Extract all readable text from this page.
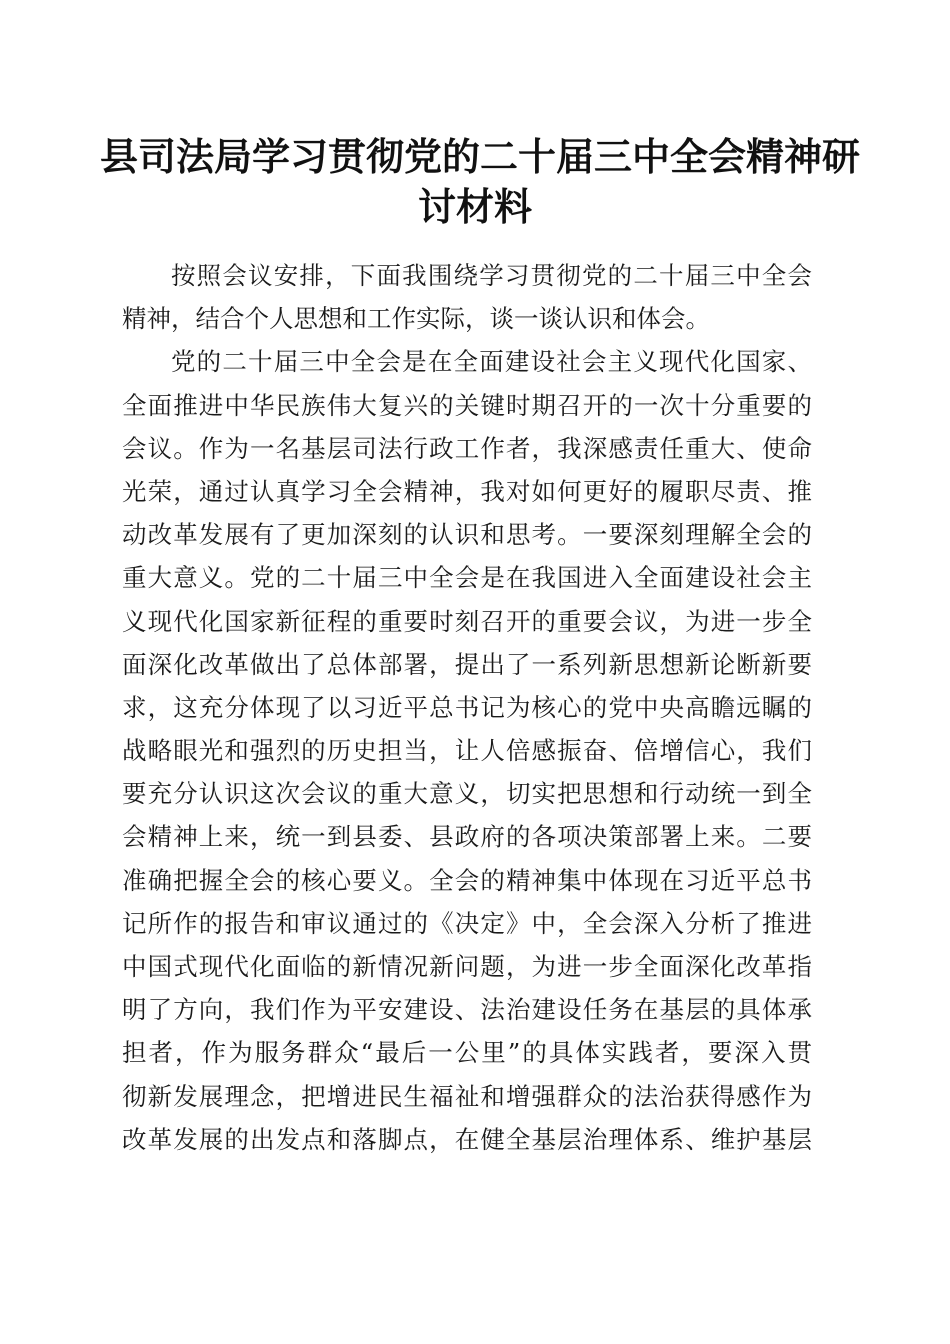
县司法局学习贯彻党的二十届三中全会精神研
讨材料
按照会议安排，下面我围绕学习贯彻党的二十届三中全会
精神，结合个人思想和工作实际，谈一谈认识和体会。
党的二十届三中全会是在全面建设社会主义现代化国家、
全面推进中华民族伟大复兴的关键时期召开的一次十分重要的
会议。作为一名基层司法行政工作者，我深感责任重大、使命
光荣，通过认真学习全会精神，我对如何更好的履职尽责、推
动改革发展有了更加深刻的认识和思考。一要深刻理解全会的
重大意义。党的二十届三中全会是在我国进入全面建设社会主
义现代化国家新征程的重要时刻召开的重要会议，为进一步全
面深化改革做出了总体部署，提出了一系列新思想新论断新要
求，这充分体现了以习近平总书记为核心的党中央高瞻远瞩的
战略眼光和强烈的历史担当，让人倍感振奋、倍增信心，我们
要充分认识这次会议的重大意义，切实把思想和行动统一到全
会精神上来，统一到县委、县政府的各项决策部署上来。二要
准确把握全会的核心要义。全会的精神集中体现在习近平总书
记所作的报告和审议通过的《决定》中，全会深入分析了推进
中国式现代化面临的新情况新问题，为进一步全面深化改革指
明了方向，我们作为平安建设、法治建设任务在基层的具体承
担者，作为服务群众“最后一公里”的具体实践者，要深入贯
彻新发展理念，把增进民生福祉和增强群众的法治获得感作为
改革发展的出发点和落脚点，在健全基层治理体系、维护基层
